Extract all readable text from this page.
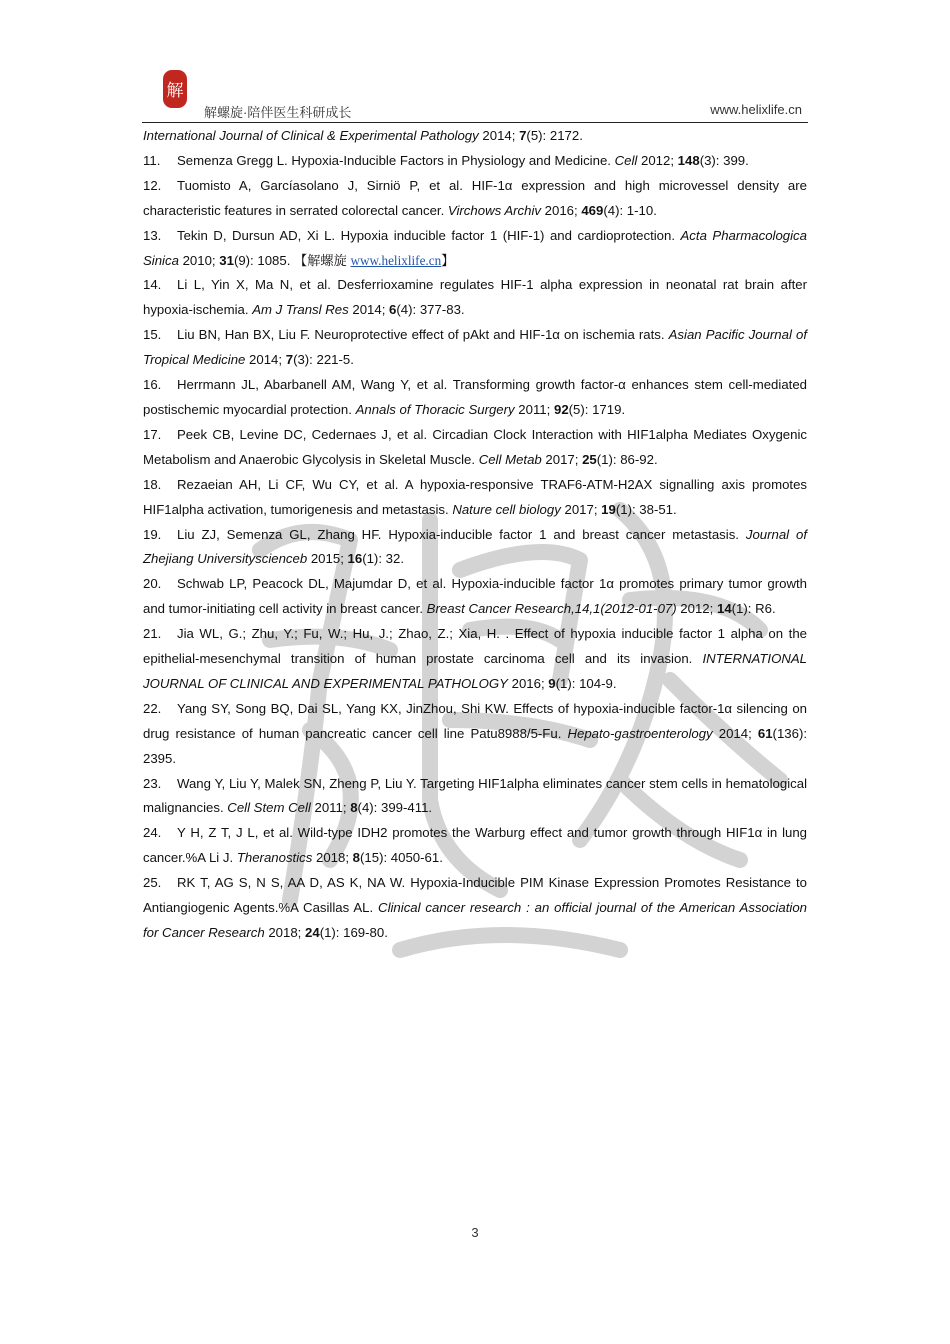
解
解螺旋·陪伴医生科研成长	www.helixlife.cn

International Journal of Clinical & Experimental Pathology 2014; 7(5): 2172.

11. Semenza Gregg L. Hypoxia-Inducible Factors in Physiology and Medicine. Cell 2012; 148(3): 399.

12. Tuomisto A, Garcíasolano J, Sirniö P, et al. HIF-1α expression and high microvessel density are characteristic features in serrated colorectal cancer. Virchows Archiv 2016; 469(4): 1-10.

13. Tekin D, Dursun AD, Xi L. Hypoxia inducible factor 1 (HIF-1) and cardioprotection. Acta Pharmacologica Sinica 2010; 31(9): 1085. 【解螺旋 www.helixlife.cn】

14. Li L, Yin X, Ma N, et al. Desferrioxamine regulates HIF-1 alpha expression in neonatal rat brain after hypoxia-ischemia. Am J Transl Res 2014; 6(4): 377-83.

15. Liu BN, Han BX, Liu F. Neuroprotective effect of pAkt and HIF-1α on ischemia rats. Asian Pacific Journal of Tropical Medicine 2014; 7(3): 221-5.

16. Herrmann JL, Abarbanell AM, Wang Y, et al. Transforming growth factor-α enhances stem cell-mediated postischemic myocardial protection. Annals of Thoracic Surgery 2011; 92(5): 1719.

17. Peek CB, Levine DC, Cedernaes J, et al. Circadian Clock Interaction with HIF1alpha Mediates Oxygenic Metabolism and Anaerobic Glycolysis in Skeletal Muscle. Cell Metab 2017; 25(1): 86-92.

18. Rezaeian AH, Li CF, Wu CY, et al. A hypoxia-responsive TRAF6-ATM-H2AX signalling axis promotes HIF1alpha activation, tumorigenesis and metastasis. Nature cell biology 2017; 19(1): 38-51.

19. Liu ZJ, Semenza GL, Zhang HF. Hypoxia-inducible factor 1 and breast cancer metastasis. Journal of Zhejiang Universityscienceb 2015; 16(1): 32.

20. Schwab LP, Peacock DL, Majumdar D, et al. Hypoxia-inducible factor 1α promotes primary tumor growth and tumor-initiating cell activity in breast cancer. Breast Cancer Research,14,1(2012-01-07) 2012; 14(1): R6.

21. Jia WL, G.; Zhu, Y.; Fu, W.; Hu, J.; Zhao, Z.; Xia, H. . Effect of hypoxia inducible factor 1 alpha on the epithelial-mesenchymal transition of human prostate carcinoma cell and its invasion. INTERNATIONAL JOURNAL OF CLINICAL AND EXPERIMENTAL PATHOLOGY 2016; 9(1): 104-9.

22. Yang SY, Song BQ, Dai SL, Yang KX, JinZhou, Shi KW. Effects of hypoxia-inducible factor-1α silencing on drug resistance of human pancreatic cancer cell line Patu8988/5-Fu. Hepato-gastroenterology 2014; 61(136): 2395.

23. Wang Y, Liu Y, Malek SN, Zheng P, Liu Y. Targeting HIF1alpha eliminates cancer stem cells in hematological malignancies. Cell Stem Cell 2011; 8(4): 399-411.

24. Y H, Z T, J L, et al. Wild-type IDH2 promotes the Warburg effect and tumor growth through HIF1α in lung cancer.%A Li J. Theranostics 2018; 8(15): 4050-61.

25. RK T, AG S, N S, AA D, AS K, NA W. Hypoxia-Inducible PIM Kinase Expression Promotes Resistance to Antiangiogenic Agents.%A Casillas AL. Clinical cancer research : an official journal of the American Association for Cancer Research 2018; 24(1): 169-80.

3
